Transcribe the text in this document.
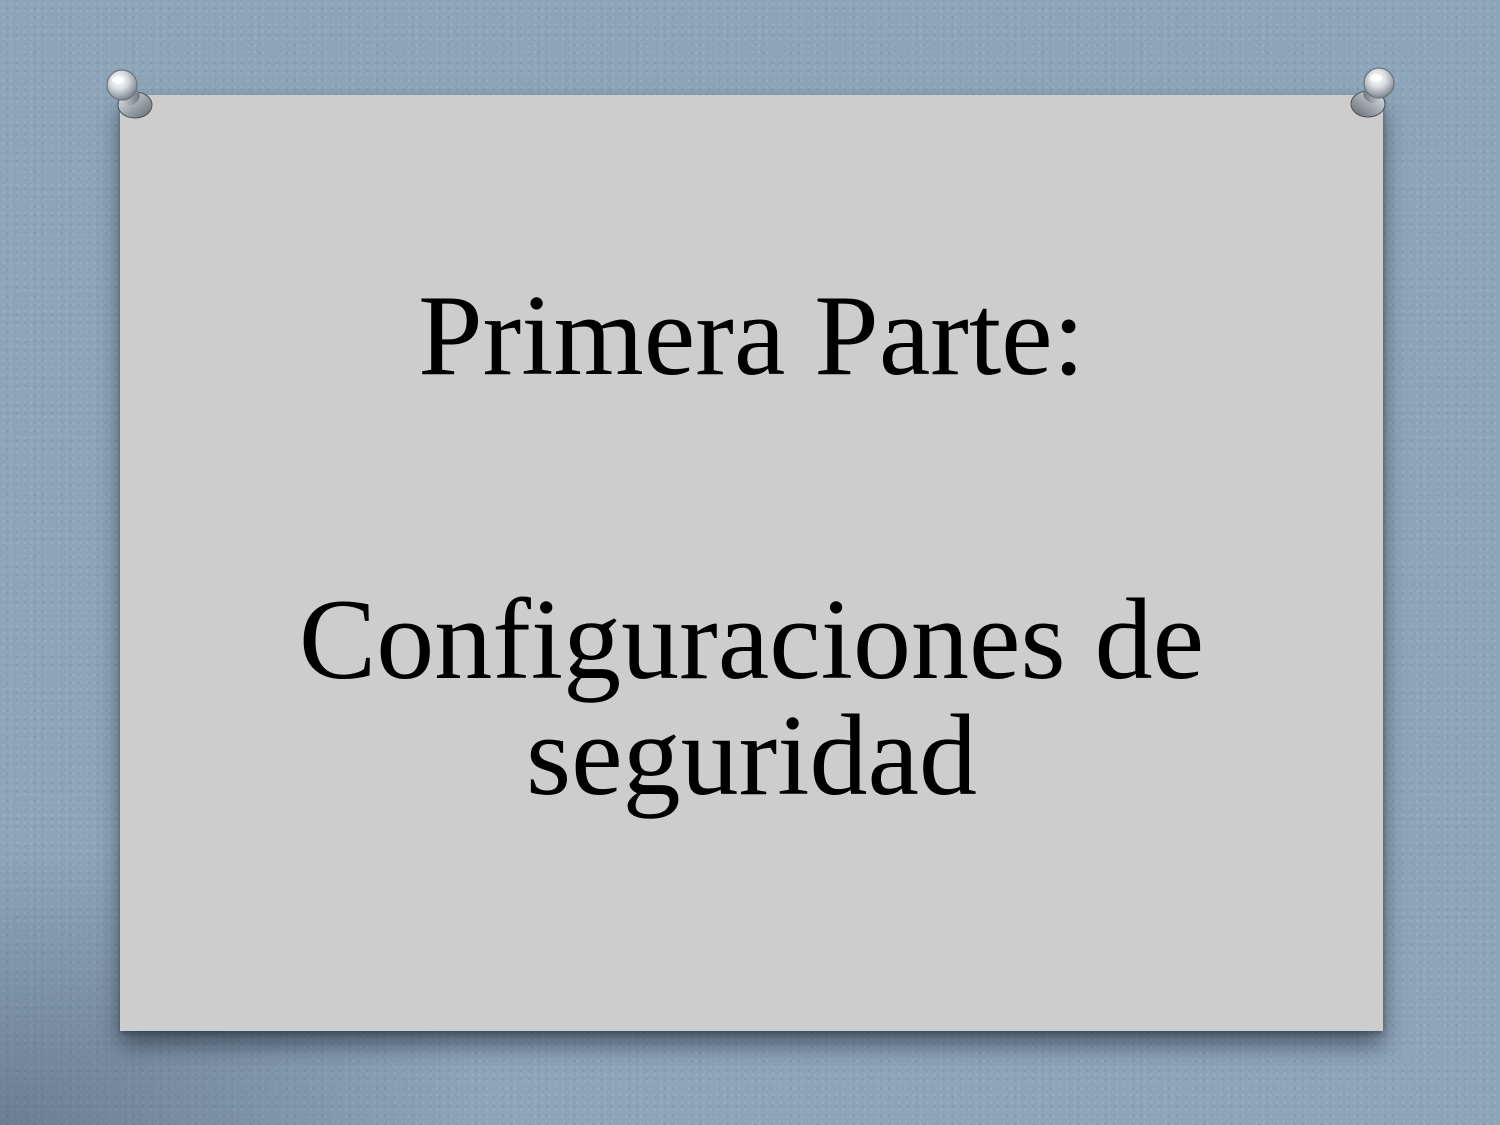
Primera Parte:
Configuraciones de
seguridad
